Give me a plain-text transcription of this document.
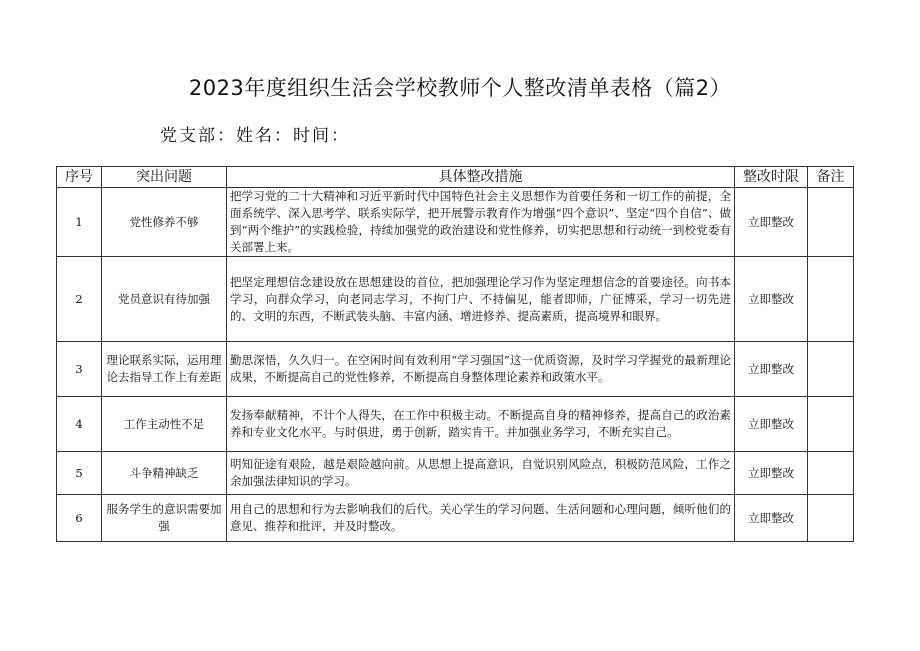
2023年度组织生活会学校教师个人整改清单表格（篇2）
党支部：姓名：时间：
序号	突出问题	具体整改措施	整改时限	备注
1	党性修养不够	把学习党的二十大精神和习近平新时代中国特色社会主义思想作为首要任务和一切工作的前提，全面系统学、深入思考学、联系实际学，把开展警示教育作为增强“四个意识”、坚定“四个自信”、做到“两个维护”的实践检验，持续加强党的政治建设和党性修养，切实把思想和行动统一到校党委有关部署上来。	立即整改	
2	党员意识有待加强	把坚定理想信念建设放在思想建设的首位，把加强理论学习作为坚定理想信念的首要途径。向书本学习，向群众学习，向老同志学习，不拘门户、不持偏见，能者即师，广征博采，学习一切先进的、文明的东西，不断武装头脑、丰富内涵、增进修养、提高素质，提高境界和眼界。	立即整改	
3	理论联系实际，运用理论去指导工作上有差距	勤思深悟，久久归一。在空闲时间有效利用“学习强国”这一优质资源，及时学习学握党的最新理论成果，不断提高自己的党性修养，不断提高自身整体理论素养和政策水平。	立即整改	
4	工作主动性不足	发扬奉献精神，不计个人得失，在工作中积极主动。不断提高自身的精神修养，提高自己的政治素养和专业文化水平。与时俱进，勇于创新，踏实肯干。并加强业务学习，不断充实自己。	立即整改	
5	斗争精神缺乏	明知征途有艰险，越是艰险越向前。从思想上提高意识，自觉识别风险点，积极防范风险，工作之余加强法律知识的学习。	立即整改	
6	服务学生的意识需要加强	用自己的思想和行为去影响我们的后代。关心学生的学习问题、生活问题和心理问题，倾听他们的意见、推荐和批评，并及时整改。	立即整改	
